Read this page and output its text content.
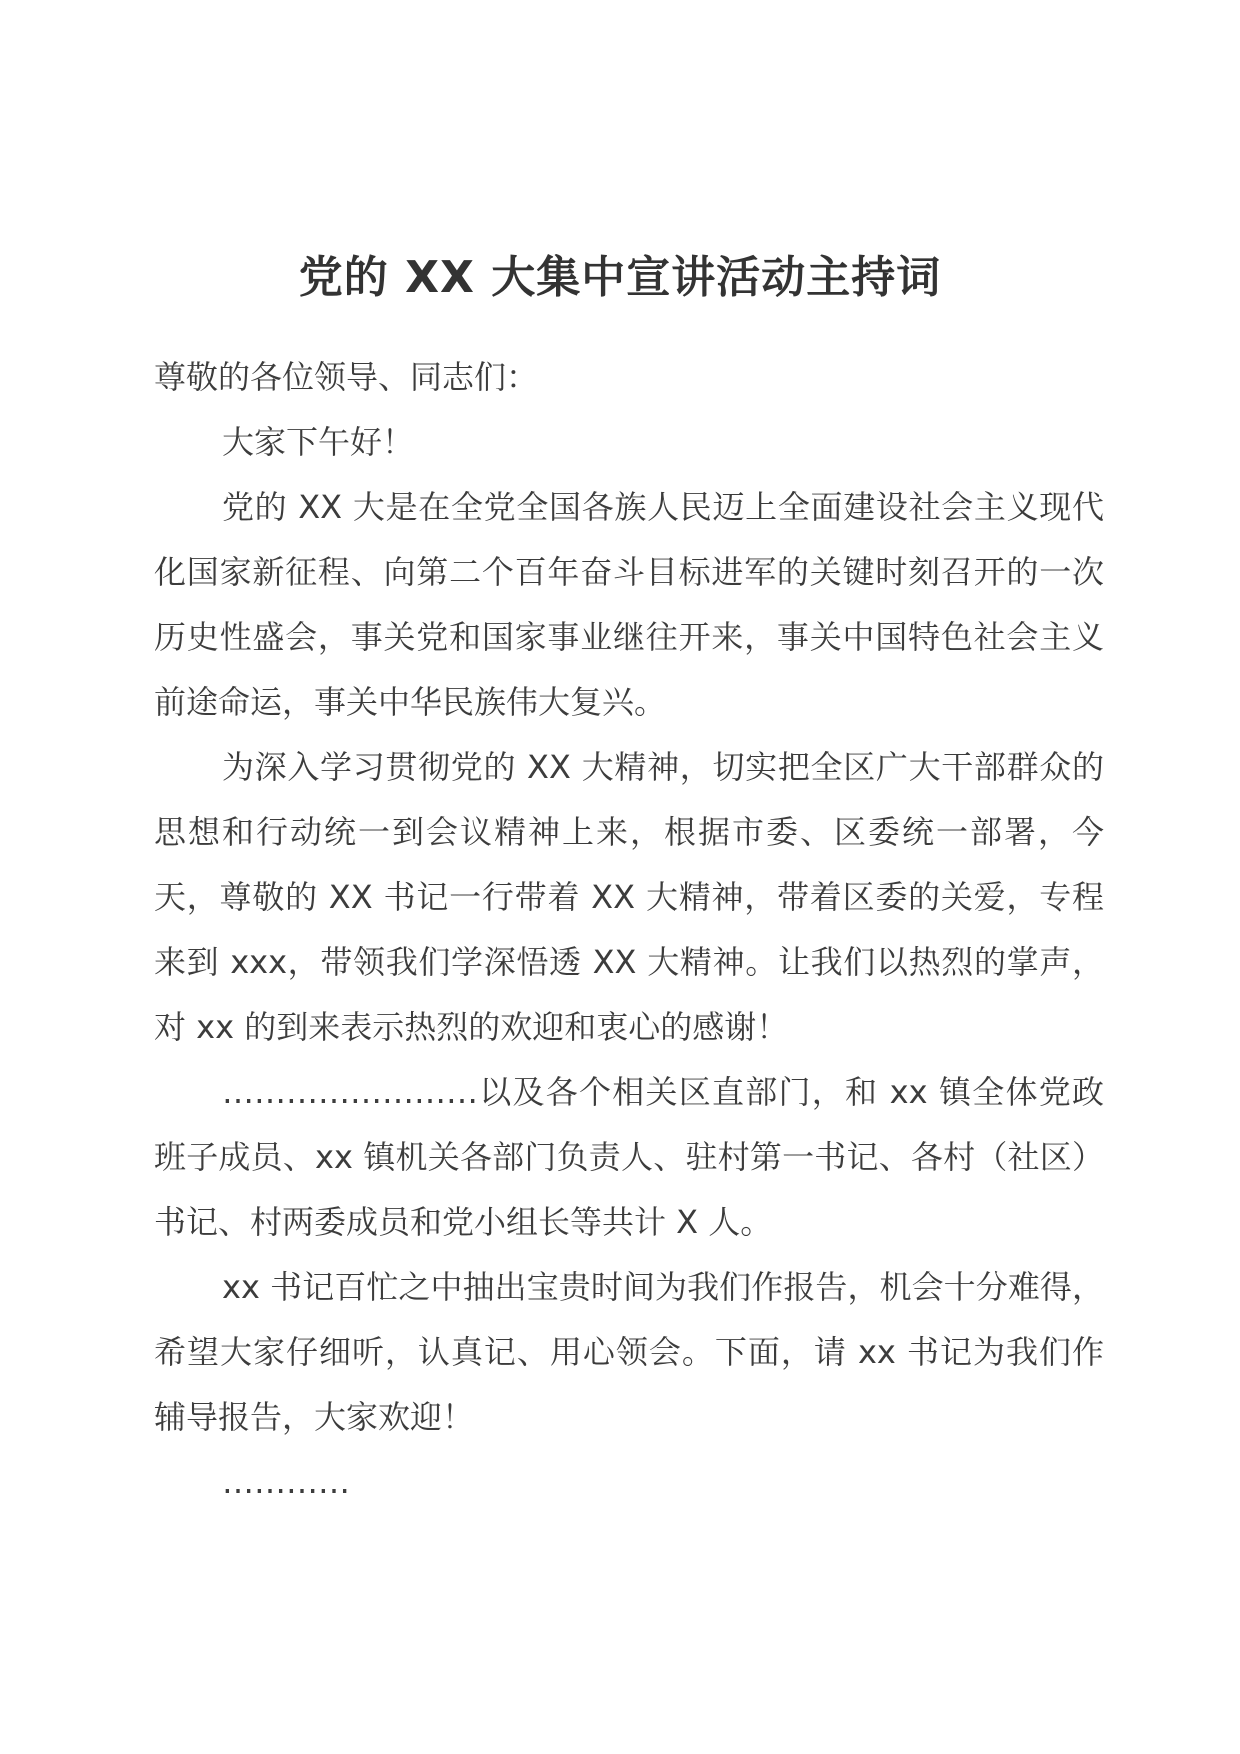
党的 XX 大集中宣讲活动主持词

尊敬的各位领导、同志们：

大家下午好！

党的 XX 大是在全党全国各族人民迈上全面建设社会主义现代化国家新征程、向第二个百年奋斗目标进军的关键时刻召开的一次历史性盛会，事关党和国家事业继往开来，事关中国特色社会主义前途命运，事关中华民族伟大复兴。

为深入学习贯彻党的 XX 大精神，切实把全区广大干部群众的思想和行动统一到会议精神上来，根据市委、区委统一部署，今天，尊敬的 XX 书记一行带着 XX 大精神，带着区委的关爱，专程来到 xxx，带领我们学深悟透 XX 大精神。让我们以热烈的掌声，对 xx 的到来表示热烈的欢迎和衷心的感谢！

……………………以及各个相关区直部门，和 xx 镇全体党政班子成员、xx 镇机关各部门负责人、驻村第一书记、各村（社区）书记、村两委成员和党小组长等共计 X 人。

xx 书记百忙之中抽出宝贵时间为我们作报告，机会十分难得，希望大家仔细听，认真记、用心领会。下面，请 xx 书记为我们作辅导报告，大家欢迎！

…………
